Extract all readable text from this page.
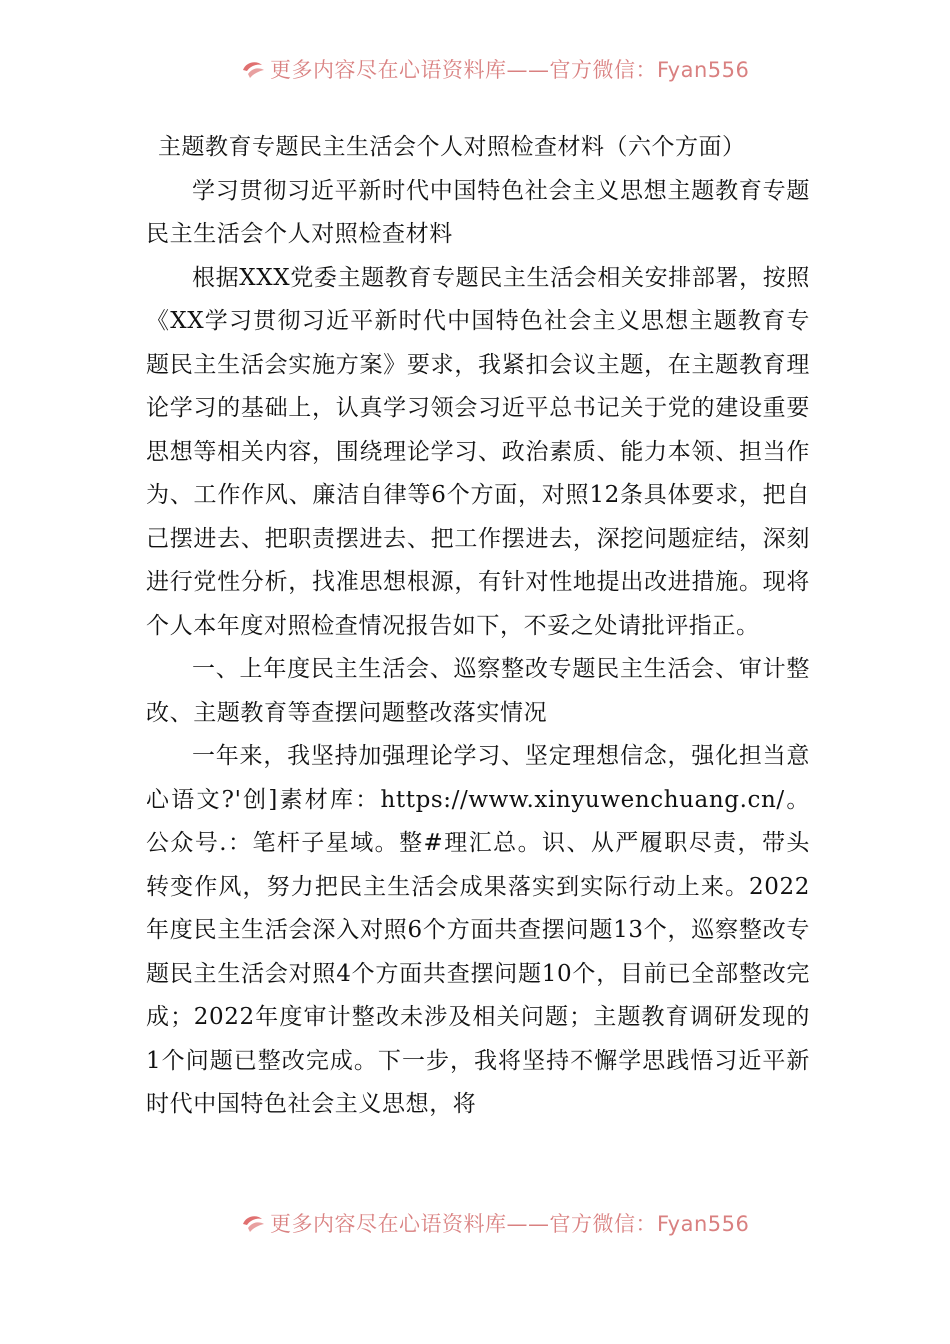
更多内容尽在心语资料库——官方微信：Fyan556
更多内容尽在心语资料库——官方微信：Fyan556

主题教育专题民主生活会个人对照检查材料（六个方面）

学习贯彻习近平新时代中国特色社会主义思想主题教育专题民主生活会个人对照检查材料

根据XXX党委主题教育专题民主生活会相关安排部署，按照《XX学习贯彻习近平新时代中国特色社会主义思想主题教育专题民主生活会实施方案》要求，我紧扣会议主题，在主题教育理论学习的基础上，认真学习领会习近平总书记关于党的建设重要思想等相关内容，围绕理论学习、政治素质、能力本领、担当作为、工作作风、廉洁自律等6个方面，对照12条具体要求，把自己摆进去、把职责摆进去、把工作摆进去，深挖问题症结，深刻进行党性分析，找准思想根源，有针对性地提出改进措施。现将个人本年度对照检查情况报告如下，不妥之处请批评指正。

一、上年度民主生活会、巡察整改专题民主生活会、审计整改、主题教育等查摆问题整改落实情况

一年来，我坚持加强理论学习、坚定理想信念，强化担当意心语文?'创]素材库：https://www.xinyuwenchuang.cn/。公众号.：笔杆子星域。整#理汇总。识、从严履职尽责，带头转变作风，努力把民主生活会成果落实到实际行动上来。2022年度民主生活会深入对照6个方面共查摆问题13个，巡察整改专题民主生活会对照4个方面共查摆问题10个，目前已全部整改完成；2022年度审计整改未涉及相关问题；主题教育调研发现的1个问题已整改完成。下一步，我将坚持不懈学思践悟习近平新时代中国特色社会主义思想，将
